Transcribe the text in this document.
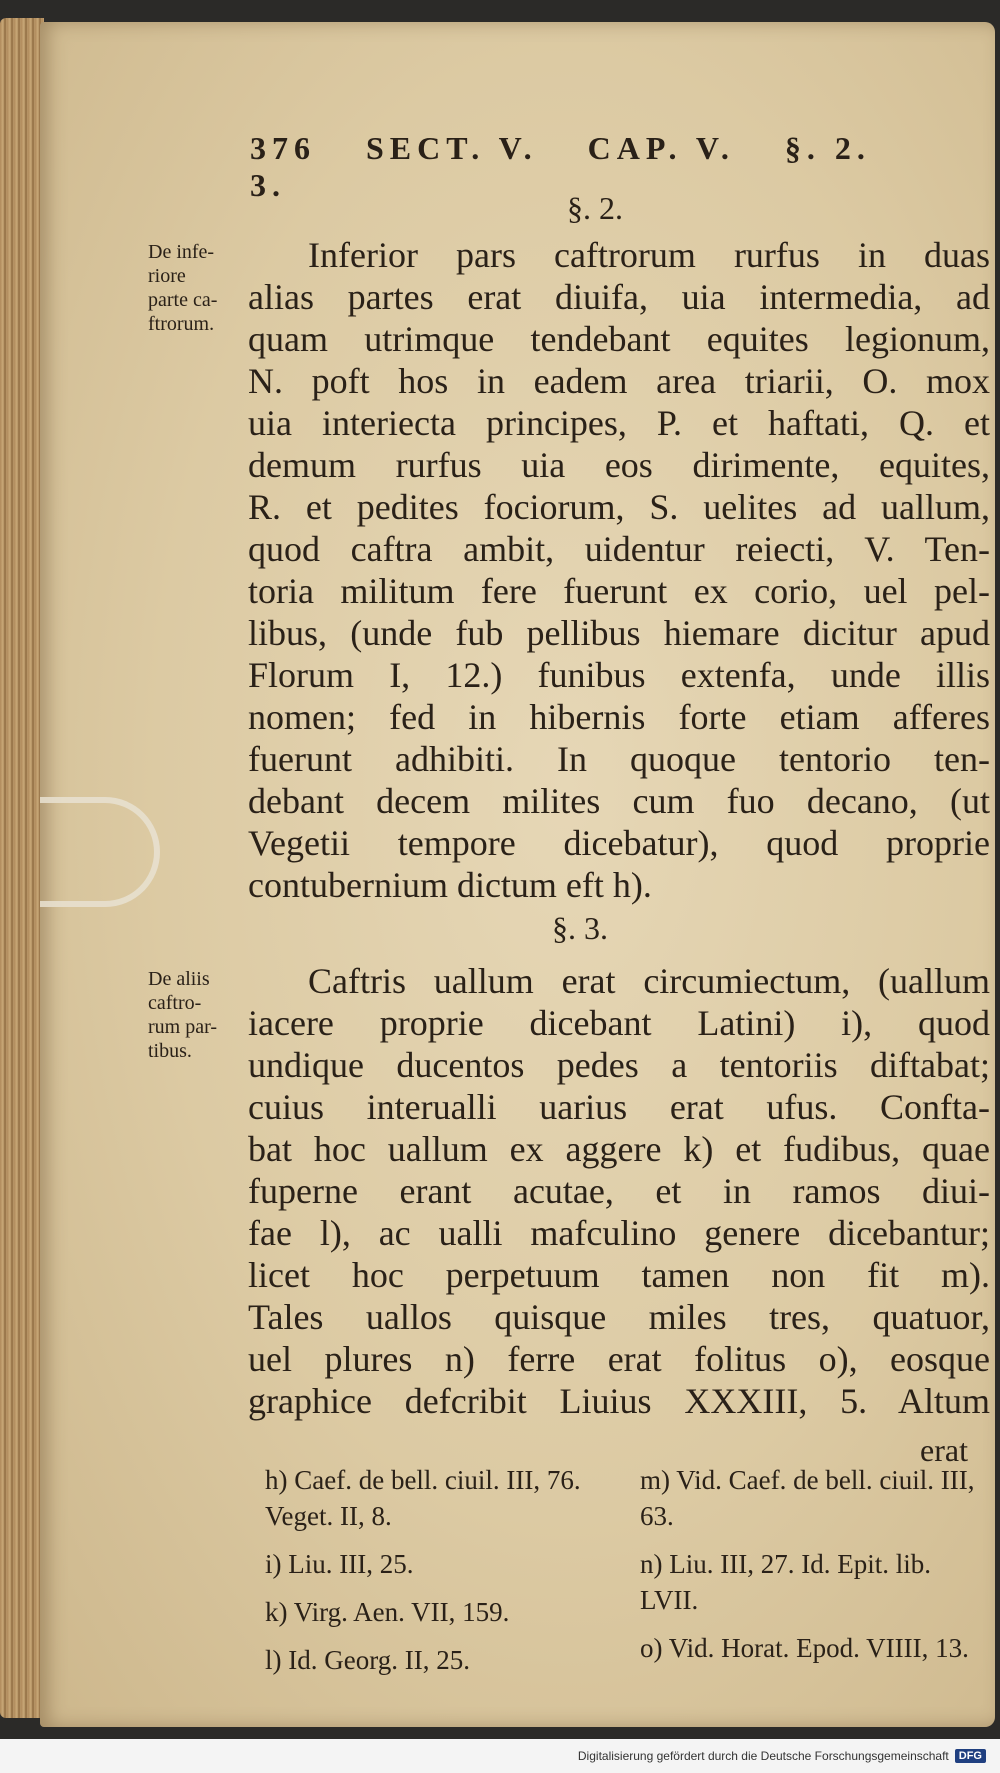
376 SECT. V. CAP. V. §. 2. 3.
§. 2.
De infe-
riore
parte ca-
ftrorum.
Inferior pars caftrorum rurfus in duas
alias partes erat diuifa, uia intermedia, ad
quam utrimque tendebant equites legionum,
N. poft hos in eadem area triarii, O. mox
uia interiecta principes, P. et haftati, Q. et
demum rurfus uia eos dirimente, equites,
R. et pedites fociorum, S. uelites ad uallum,
quod caftra ambit, uidentur reiecti, V. Ten-
toria militum fere fuerunt ex corio, uel pel-
libus, (unde fub pellibus hiemare dicitur apud
Florum I, 12.) funibus extenfa, unde illis
nomen; fed in hibernis forte etiam afferes
fuerunt adhibiti. In quoque tentorio ten-
debant decem milites cum fuo decano, (ut
Vegetii tempore dicebatur), quod proprie
contubernium dictum eft h).
§. 3.
De aliis
caftro-
rum par-
tibus.
Caftris uallum erat circumiectum, (uallum
iacere proprie dicebant Latini) i), quod
undique ducentos pedes a tentoriis diftabat;
cuius interualli uarius erat ufus. Confta-
bat hoc uallum ex aggere k) et fudibus, quae
fuperne erant acutae, et in ramos diui-
fae l), ac ualli mafculino genere dicebantur;
licet hoc perpetuum tamen non fit m).
Tales uallos quisque miles tres, quatuor,
uel plures n) ferre erat folitus o), eosque
graphice defcribit Liuius XXXIII, 5. Altum
erat
h) Caef. de bell. ciuil. III, 76. Veget. II, 8.
i) Liu. III, 25.
k) Virg. Aen. VII, 159.
l) Id. Georg. II, 25.
m) Vid. Caef. de bell. ciuil. III, 63.
n) Liu. III, 27. Id. Epit. lib. LVII.
o) Vid. Horat. Epod. VIIII, 13.
Digitalisierung gefördert durch die Deutsche Forschungsgemeinschaft DFG
